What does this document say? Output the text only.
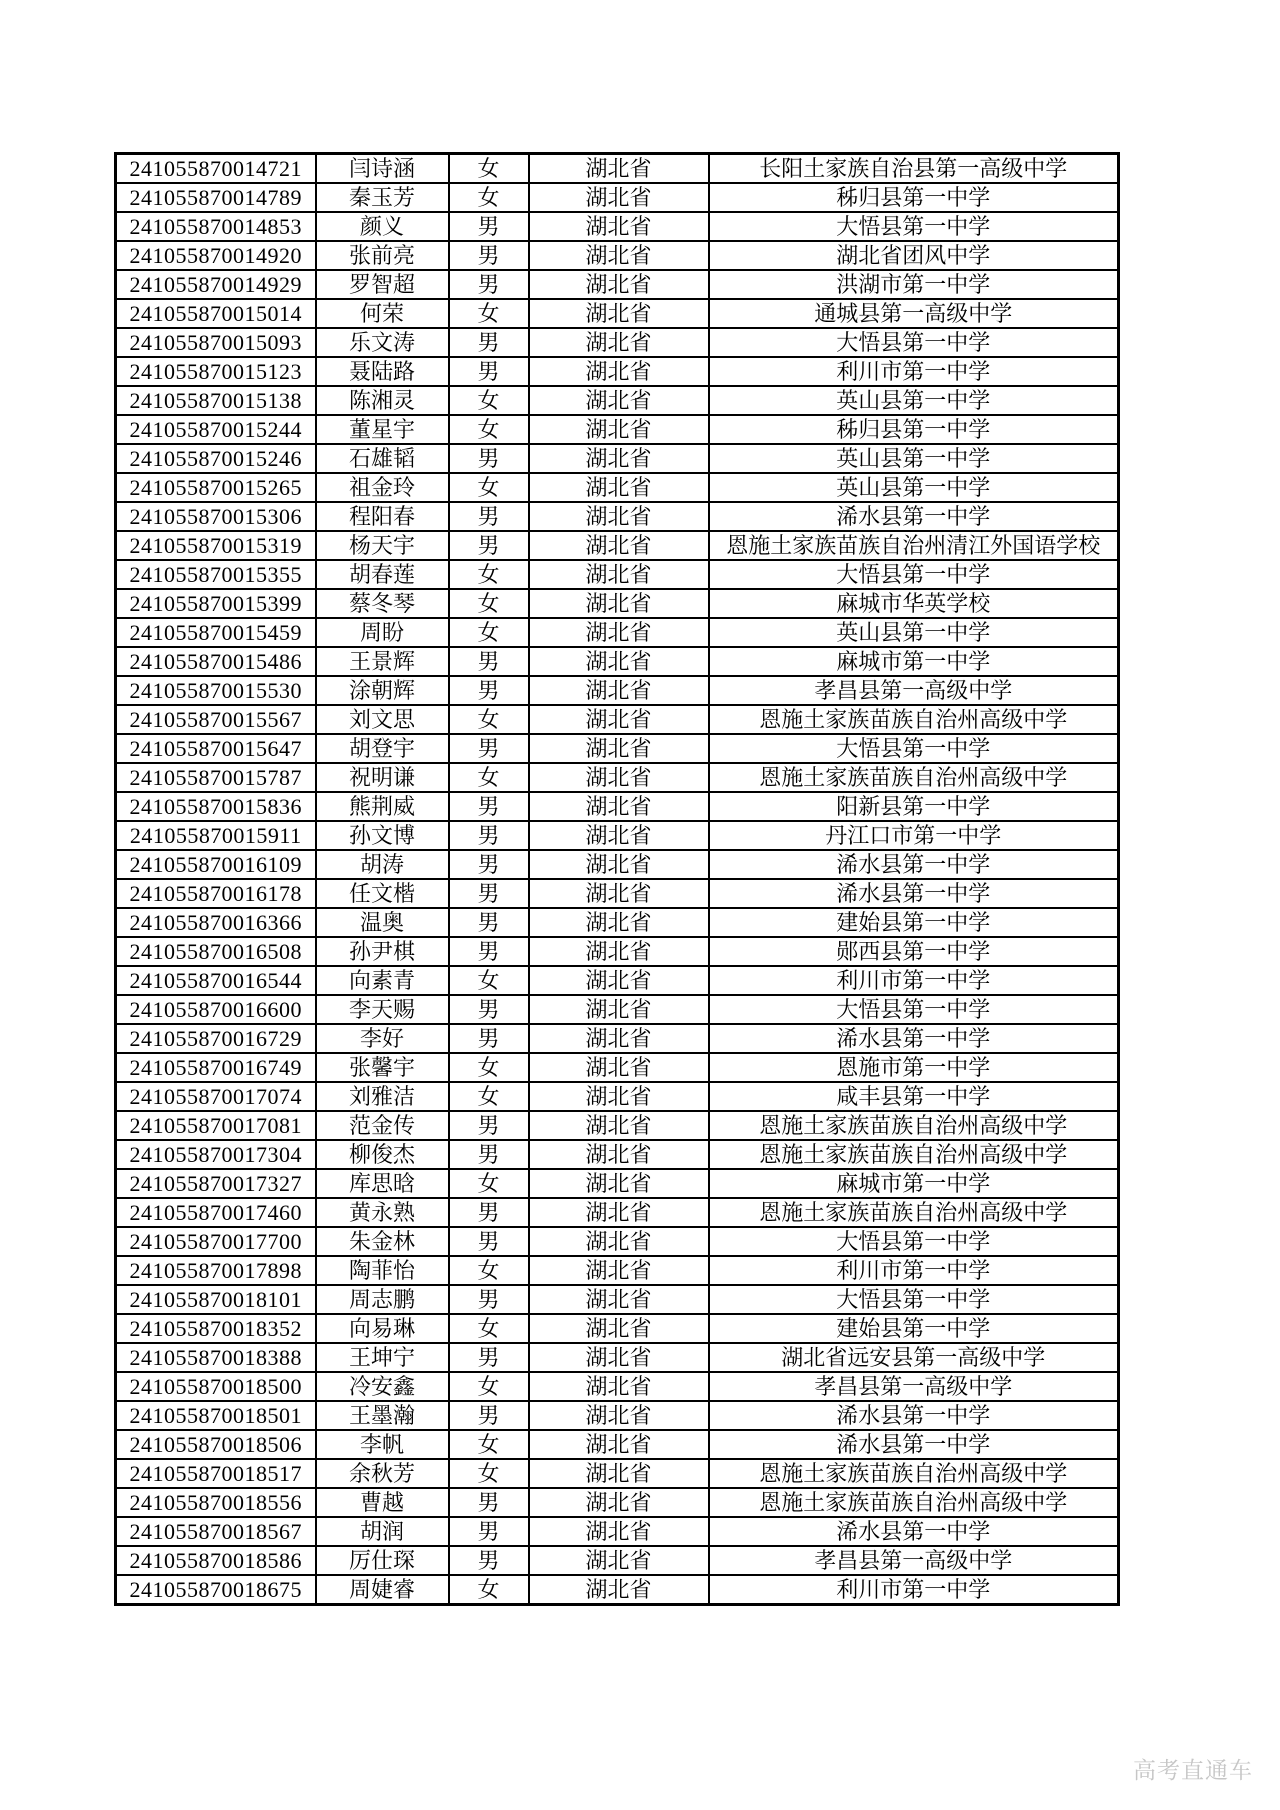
241055870014721	闫诗涵	女	湖北省	长阳土家族自治县第一高级中学
241055870014789	秦玉芳	女	湖北省	秭归县第一中学
241055870014853	颜义	男	湖北省	大悟县第一中学
241055870014920	张前亮	男	湖北省	湖北省团风中学
241055870014929	罗智超	男	湖北省	洪湖市第一中学
241055870015014	何荣	女	湖北省	通城县第一高级中学
241055870015093	乐文涛	男	湖北省	大悟县第一中学
241055870015123	聂陆路	男	湖北省	利川市第一中学
241055870015138	陈湘灵	女	湖北省	英山县第一中学
241055870015244	董星宇	女	湖北省	秭归县第一中学
241055870015246	石雄韬	男	湖北省	英山县第一中学
241055870015265	祖金玲	女	湖北省	英山县第一中学
241055870015306	程阳春	男	湖北省	浠水县第一中学
241055870015319	杨天宇	男	湖北省	恩施土家族苗族自治州清江外国语学校
241055870015355	胡春莲	女	湖北省	大悟县第一中学
241055870015399	蔡冬琴	女	湖北省	麻城市华英学校
241055870015459	周盼	女	湖北省	英山县第一中学
241055870015486	王景辉	男	湖北省	麻城市第一中学
241055870015530	涂朝辉	男	湖北省	孝昌县第一高级中学
241055870015567	刘文思	女	湖北省	恩施土家族苗族自治州高级中学
241055870015647	胡登宇	男	湖北省	大悟县第一中学
241055870015787	祝明谦	女	湖北省	恩施土家族苗族自治州高级中学
241055870015836	熊荆威	男	湖北省	阳新县第一中学
241055870015911	孙文博	男	湖北省	丹江口市第一中学
241055870016109	胡涛	男	湖北省	浠水县第一中学
241055870016178	任文楷	男	湖北省	浠水县第一中学
241055870016366	温奥	男	湖北省	建始县第一中学
241055870016508	孙尹棋	男	湖北省	郧西县第一中学
241055870016544	向素青	女	湖北省	利川市第一中学
241055870016600	李天赐	男	湖北省	大悟县第一中学
241055870016729	李好	男	湖北省	浠水县第一中学
241055870016749	张馨宇	女	湖北省	恩施市第一中学
241055870017074	刘雅洁	女	湖北省	咸丰县第一中学
241055870017081	范金传	男	湖北省	恩施土家族苗族自治州高级中学
241055870017304	柳俊杰	男	湖北省	恩施土家族苗族自治州高级中学
241055870017327	库思晗	女	湖北省	麻城市第一中学
241055870017460	黄永熟	男	湖北省	恩施土家族苗族自治州高级中学
241055870017700	朱金林	男	湖北省	大悟县第一中学
241055870017898	陶菲怡	女	湖北省	利川市第一中学
241055870018101	周志鹏	男	湖北省	大悟县第一中学
241055870018352	向易琳	女	湖北省	建始县第一中学
241055870018388	王坤宁	男	湖北省	湖北省远安县第一高级中学
241055870018500	冷安鑫	女	湖北省	孝昌县第一高级中学
241055870018501	王墨瀚	男	湖北省	浠水县第一中学
241055870018506	李帆	女	湖北省	浠水县第一中学
241055870018517	余秋芳	女	湖北省	恩施土家族苗族自治州高级中学
241055870018556	曹越	男	湖北省	恩施土家族苗族自治州高级中学
241055870018567	胡润	男	湖北省	浠水县第一中学
241055870018586	厉仕琛	男	湖北省	孝昌县第一高级中学
241055870018675	周婕睿	女	湖北省	利川市第一中学
高考直通车
